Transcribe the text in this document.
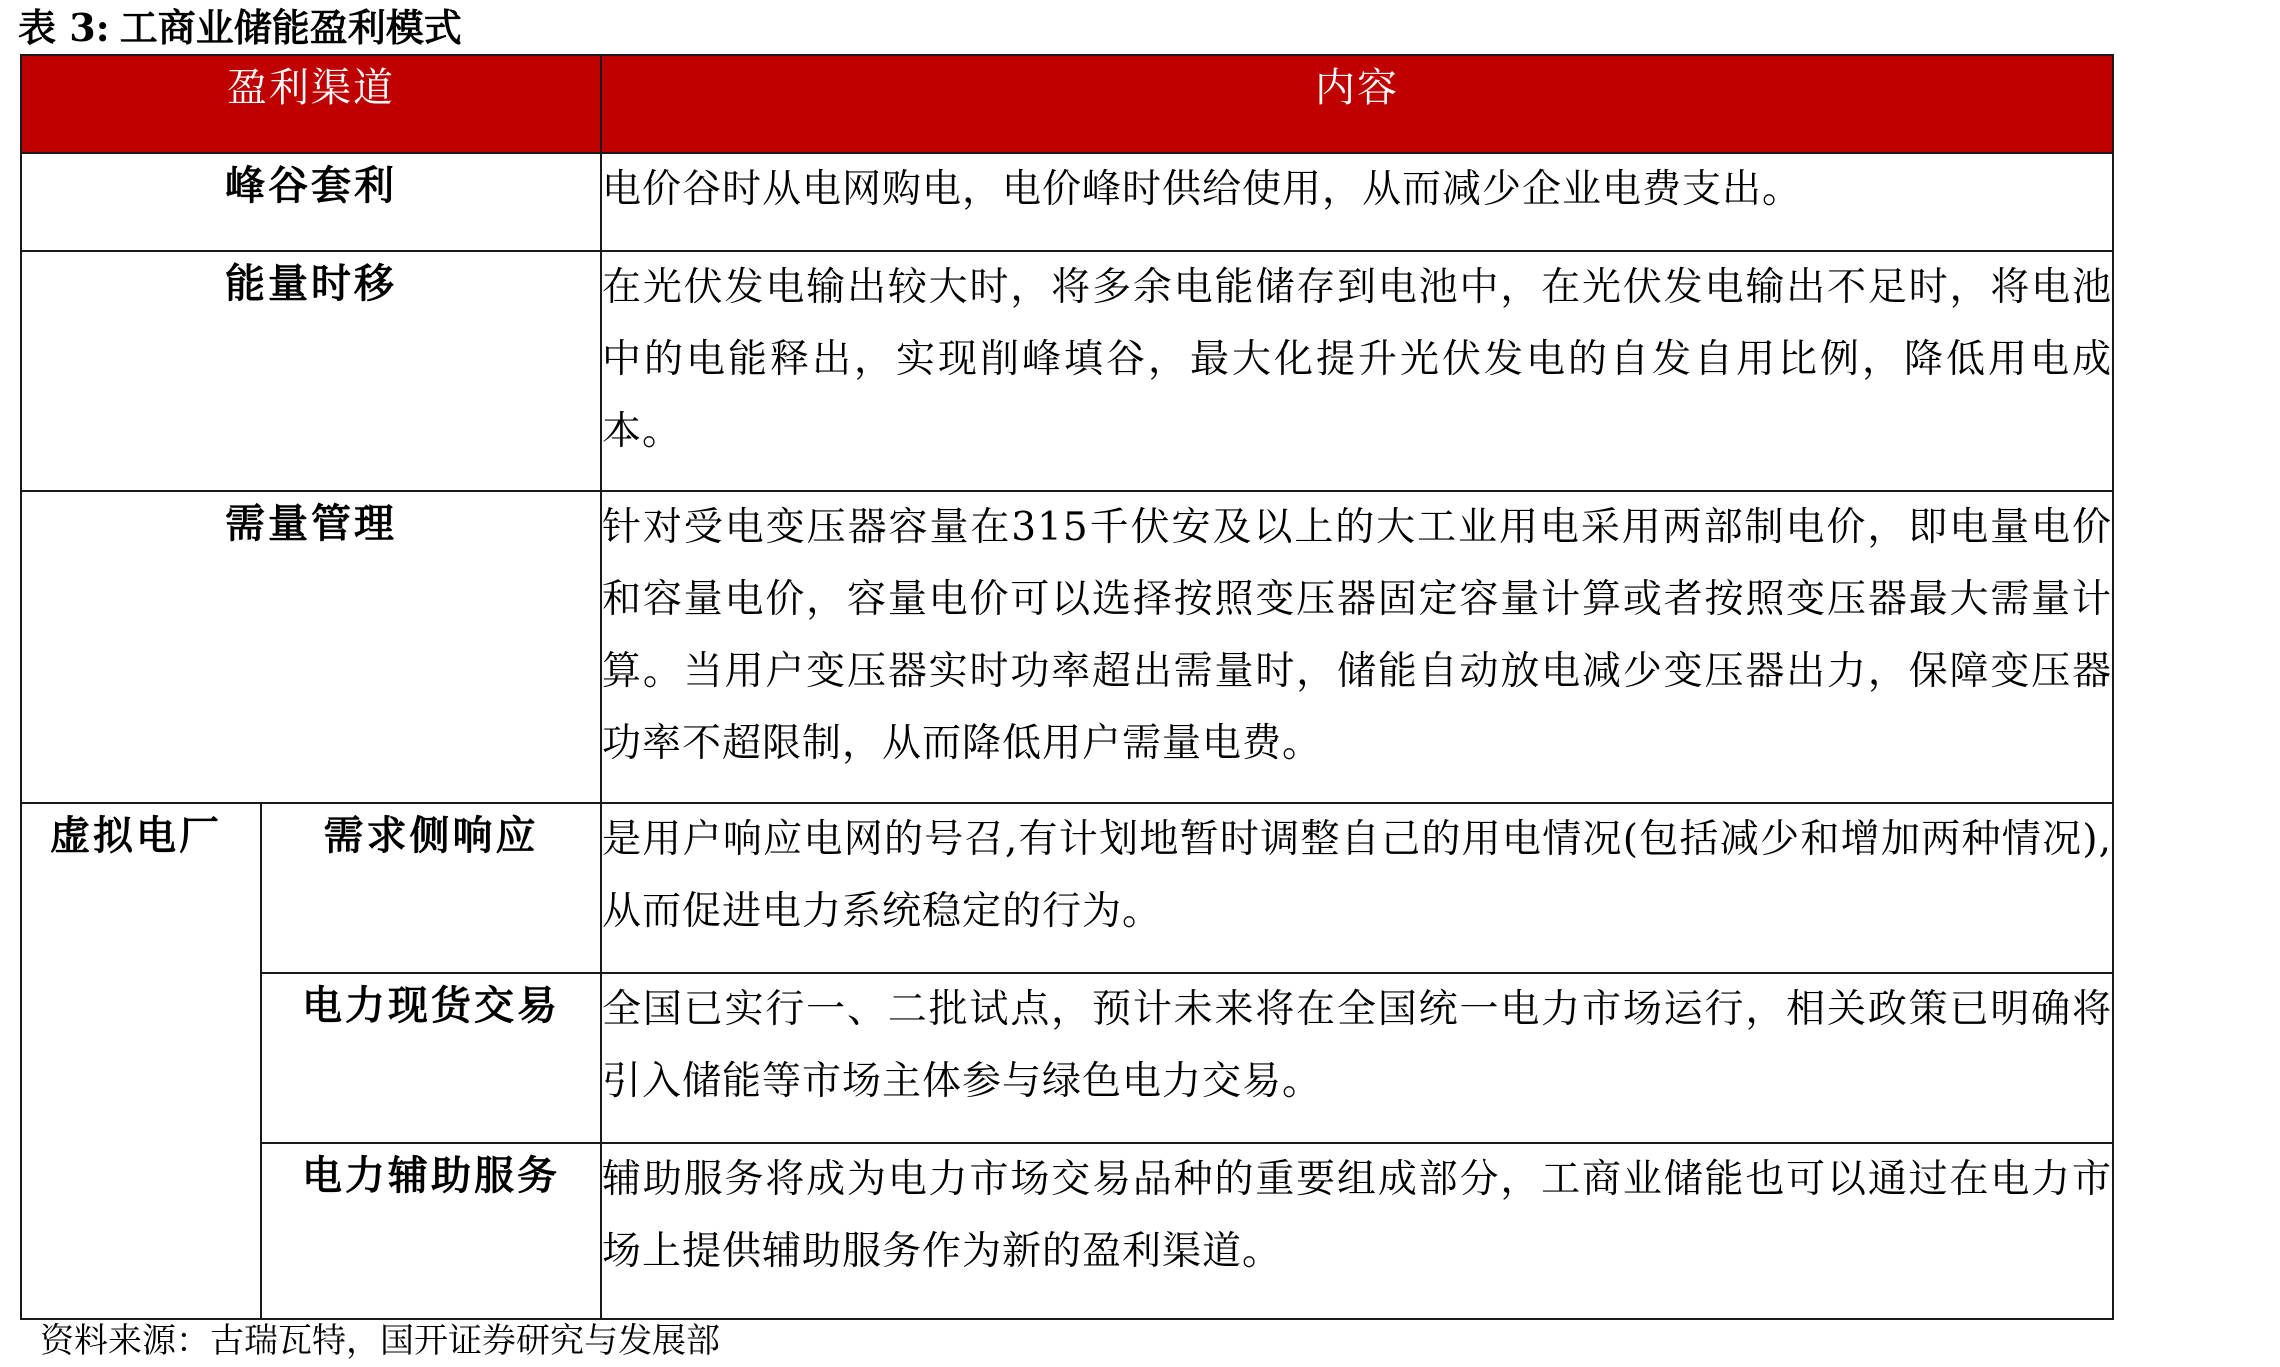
表 3: 工商业储能盈利模式
盈利渠道		内容
峰谷套利		电价谷时从电网购电，电价峰时供给使用，从而减少企业电费支出。
能量时移		在光伏发电输出较大时，将多余电能储存到电池中，在光伏发电输出不足时，将电池中的电能释出，实现削峰填谷，最大化提升光伏发电的自发自用比例，降低用电成本。
需量管理		针对受电变压器容量在315千伏安及以上的大工业用电采用两部制电价，即电量电价和容量电价，容量电价可以选择按照变压器固定容量计算或者按照变压器最大需量计算。当用户变压器实时功率超出需量时，储能自动放电减少变压器出力，保障变压器功率不超限制，从而降低用户需量电费。
虚拟电厂	需求侧响应	是用户响应电网的号召,有计划地暂时调整自己的用电情况(包括减少和增加两种情况),从而促进电力系统稳定的行为。
	电力现货交易	全国已实行一、二批试点，预计未来将在全国统一电力市场运行，相关政策已明确将引入储能等市场主体参与绿色电力交易。
	电力辅助服务	辅助服务将成为电力市场交易品种的重要组成部分，工商业储能也可以通过在电力市场上提供辅助服务作为新的盈利渠道。
资料来源：古瑞瓦特，国开证券研究与发展部
